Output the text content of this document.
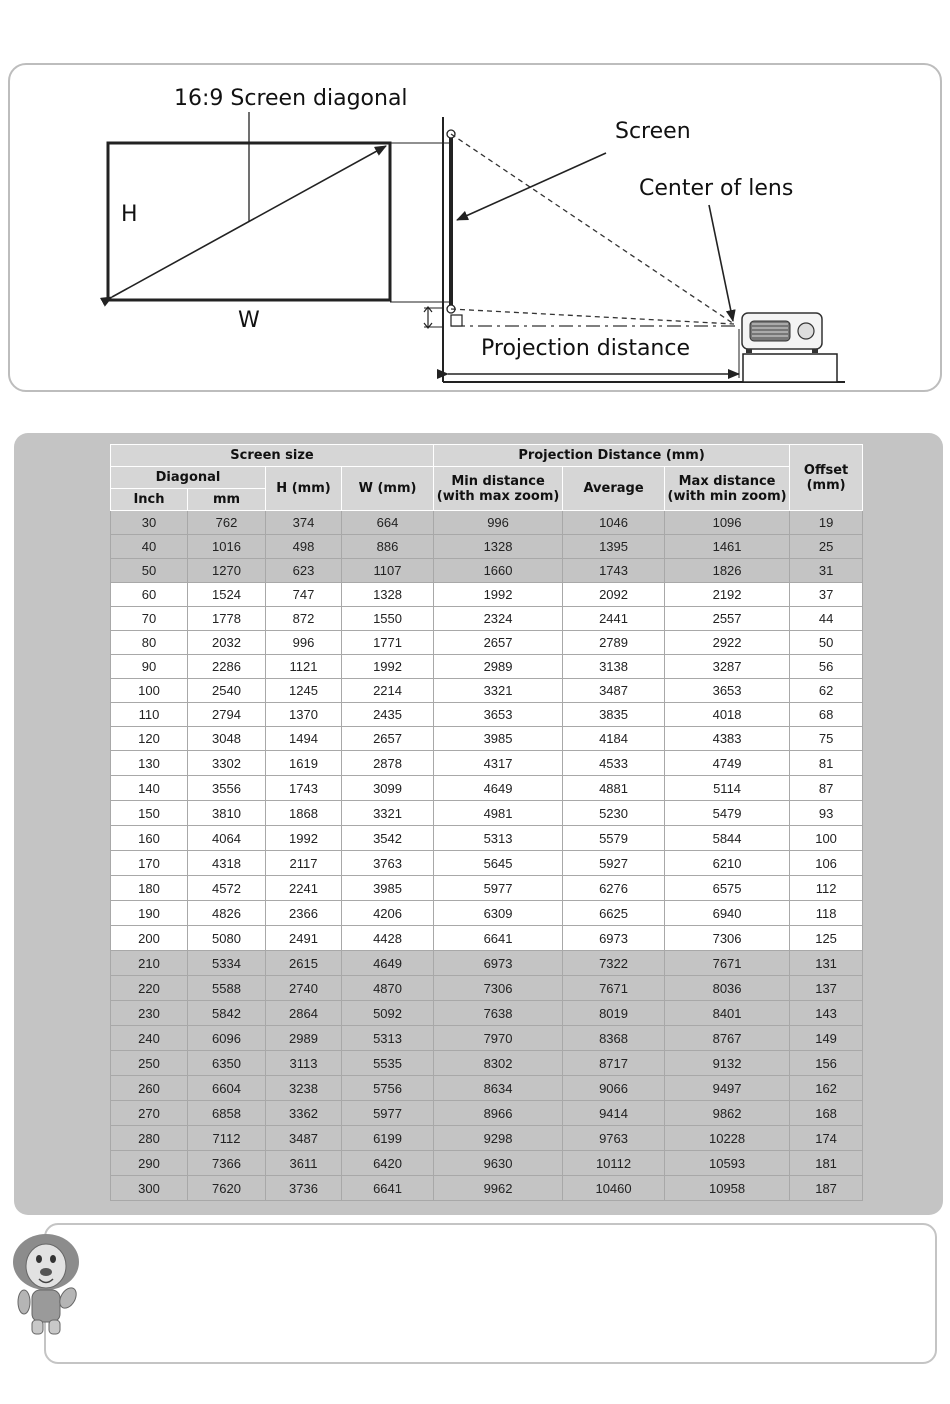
16:9 Screen diagonal
H
W
Screen
Center of lens
Projection distance
Screen size				Projection Distance (mm)			Offset (mm)
Diagonal		H (mm)	W (mm)	Min distance (with max zoom)	Average	Max distance (with min zoom)	
Inch	mm						
30	762	374	664	996	1046	1096	19
40	1016	498	886	1328	1395	1461	25
50	1270	623	1107	1660	1743	1826	31
60	1524	747	1328	1992	2092	2192	37
70	1778	872	1550	2324	2441	2557	44
80	2032	996	1771	2657	2789	2922	50
90	2286	1121	1992	2989	3138	3287	56
100	2540	1245	2214	3321	3487	3653	62
110	2794	1370	2435	3653	3835	4018	68
120	3048	1494	2657	3985	4184	4383	75
130	3302	1619	2878	4317	4533	4749	81
140	3556	1743	3099	4649	4881	5114	87
150	3810	1868	3321	4981	5230	5479	93
160	4064	1992	3542	5313	5579	5844	100
170	4318	2117	3763	5645	5927	6210	106
180	4572	2241	3985	5977	6276	6575	112
190	4826	2366	4206	6309	6625	6940	118
200	5080	2491	4428	6641	6973	7306	125
210	5334	2615	4649	6973	7322	7671	131
220	5588	2740	4870	7306	7671	8036	137
230	5842	2864	5092	7638	8019	8401	143
240	6096	2989	5313	7970	8368	8767	149
250	6350	3113	5535	8302	8717	9132	156
260	6604	3238	5756	8634	9066	9497	162
270	6858	3362	5977	8966	9414	9862	168
280	7112	3487	6199	9298	9763	10228	174
290	7366	3611	6420	9630	10112	10593	181
300	7620	3736	6641	9962	10460	10958	187
